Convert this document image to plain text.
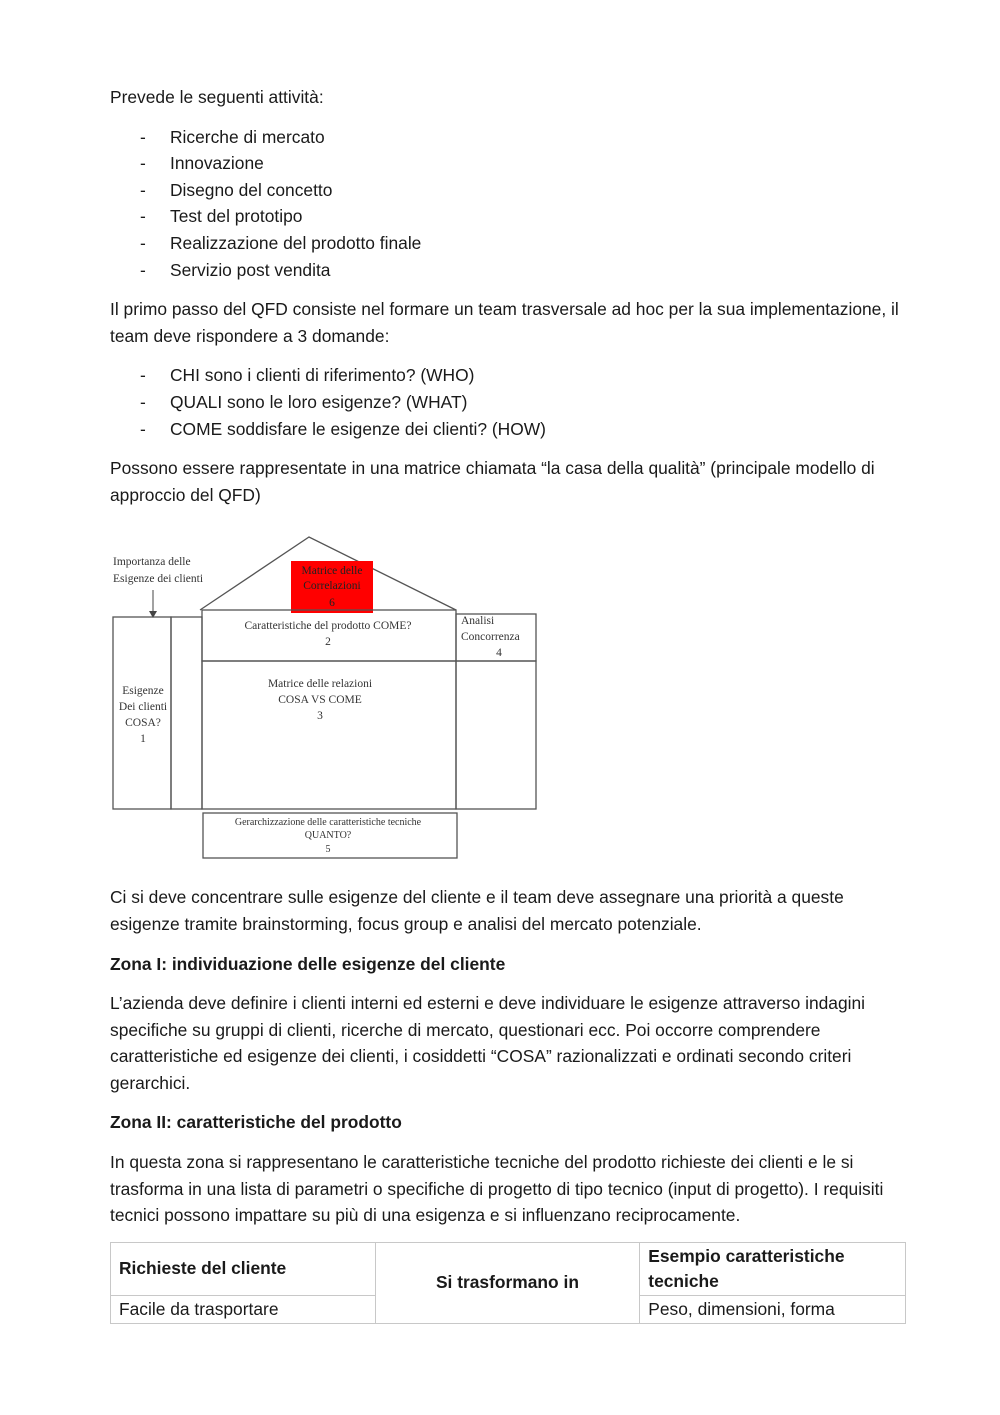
Prevede le seguenti attività:

- Ricerche di mercato
- Innovazione
- Disegno del concetto
- Test del prototipo
- Realizzazione del prodotto finale
- Servizio post vendita

Il primo passo del QFD consiste nel formare un team trasversale ad hoc per la sua implementazione, il team deve rispondere a 3 domande:

- CHI sono i clienti di riferimento? (WHO)
- QUALI sono le loro esigenze? (WHAT)
- COME soddisfare le esigenze dei clienti? (HOW)

Possono essere rappresentate in una matrice chiamata “la casa della qualità” (principale modello di approccio del QFD)

Matrice delle
Correlazioni
6
Importanza delle
Esigenze dei clienti
Esigenze
Dei clienti
COSA?
1
Caratteristiche del prodotto COME?
2
Matrice delle relazioni
COSA VS COME
3
Analisi
Concorrenza
4
Gerarchizzazione delle caratteristiche tecniche
QUANTO?
5

Ci si deve concentrare sulle esigenze del cliente e il team deve assegnare una priorità a queste esigenze tramite brainstorming, focus group e analisi del mercato potenziale.

Zona I: individuazione delle esigenze del cliente

L’azienda deve definire i clienti interni ed esterni e deve individuare le esigenze attraverso indagini specifiche su gruppi di clienti, ricerche di mercato, questionari ecc. Poi occorre comprendere caratteristiche ed esigenze dei clienti, i cosiddetti “COSA” razionalizzati e ordinati secondo criteri gerarchici.

Zona II: caratteristiche del prodotto

In questa zona si rappresentano le caratteristiche tecniche del prodotto richieste dei clienti e le si trasforma in una lista di parametri o specifiche di progetto di tipo tecnico (input di progetto). I requisiti tecnici possono impattare su più di una esigenza e si influenzano reciprocamente.

Richieste del cliente	Si trasformano in	Esempio caratteristiche tecniche
Facile da trasportare		Peso, dimensioni, forma
